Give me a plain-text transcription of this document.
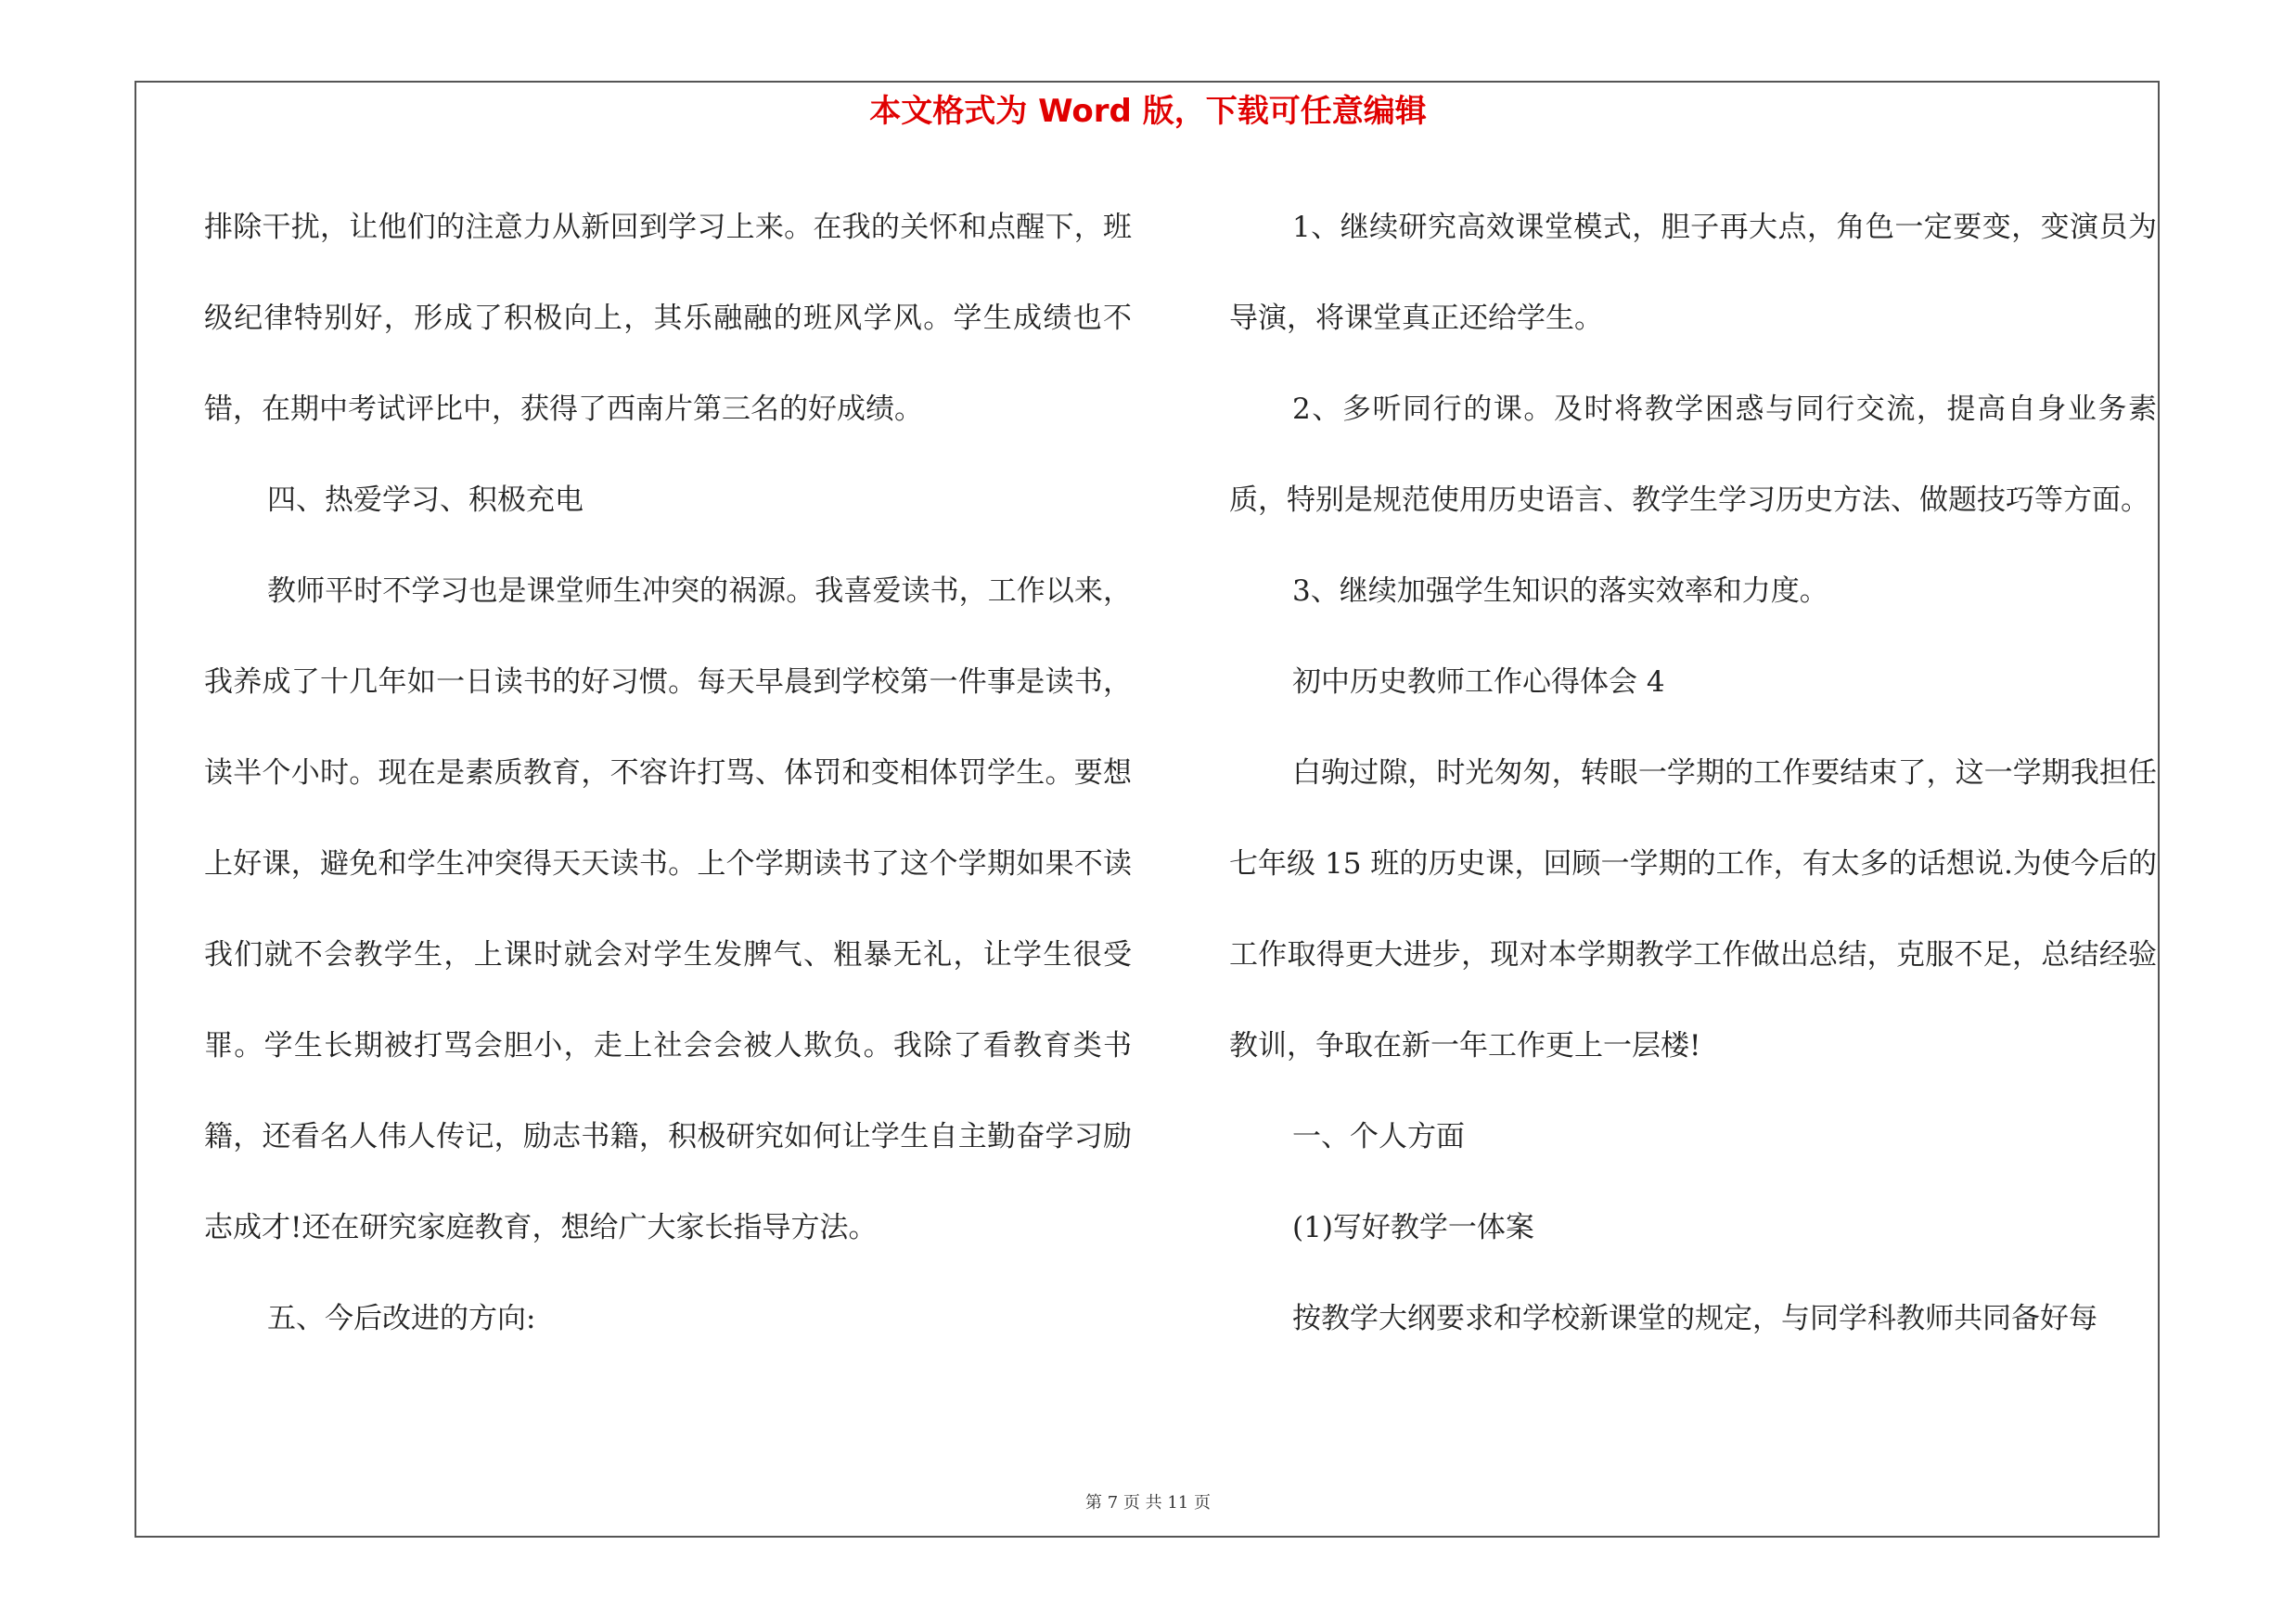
本文格式为 Word 版，下载可任意编辑

排除干扰，让他们的注意力从新回到学习上来。在我的关怀和点醒下，班级纪律特别好，形成了积极向上，其乐融融的班风学风。学生成绩也不错，在期中考试评比中，获得了西南片第三名的好成绩。

四、热爱学习、积极充电

教师平时不学习也是课堂师生冲突的祸源。我喜爱读书，工作以来，我养成了十几年如一日读书的好习惯。每天早晨到学校第一件事是读书，读半个小时。现在是素质教育，不容许打骂、体罚和变相体罚学生。要想上好课，避免和学生冲突得天天读书。上个学期读书了这个学期如果不读我们就不会教学生，上课时就会对学生发脾气、粗暴无礼，让学生很受罪。学生长期被打骂会胆小，走上社会会被人欺负。我除了看教育类书籍，还看名人伟人传记，励志书籍，积极研究如何让学生自主勤奋学习励志成才!还在研究家庭教育，想给广大家长指导方法。

五、今后改进的方向:

1、继续研究高效课堂模式，胆子再大点，角色一定要变，变演员为导演，将课堂真正还给学生。

2、多听同行的课。及时将教学困惑与同行交流，提高自身业务素质，特别是规范使用历史语言、教学生学习历史方法、做题技巧等方面。

3、继续加强学生知识的落实效率和力度。

初中历史教师工作心得体会 4

白驹过隙，时光匆匆，转眼一学期的工作要结束了，这一学期我担任七年级 15 班的历史课，回顾一学期的工作，有太多的话想说.为使今后的工作取得更大进步，现对本学期教学工作做出总结，克服不足，总结经验教训，争取在新一年工作更上一层楼!

一、个人方面

(1)写好教学一体案

按教学大纲要求和学校新课堂的规定，与同学科教师共同备好每

第 7 页 共 11 页
